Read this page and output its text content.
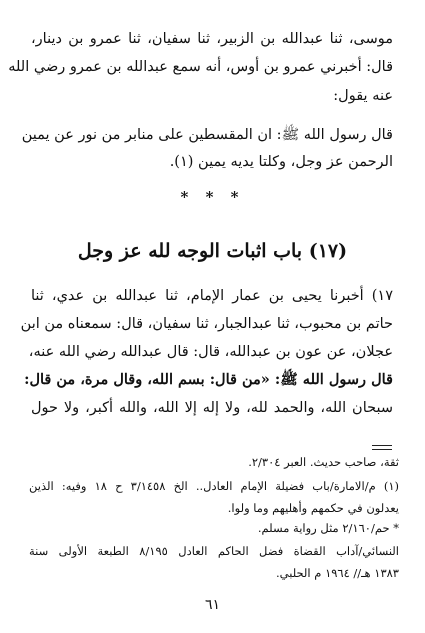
موسى، ثنا عبدالله بن الزبير، ثنا سفيان، ثنا عمرو بن دينار،
قال: أخبرني عمرو بن أوس، أنه سمع عبدالله بن عمرو رضي الله
عنه يقول:
قال رسول الله ﷺ: ان المقسطين على منابر من نور عن يمين
الرحمن عز وجل، وكلتا يديه يمين (١).
* * *
(١٧) باب اثبات الوجه لله عز وجل
١٧) أخبرنا يحيى بن عمار الإمام، ثنا عبدالله بن عدي، ثنا
حاتم بن محبوب، ثنا عبدالجبار، ثنا سفيان، قال: سمعناه من ابن
عجلان، عن عون بن عبدالله، قال: قال عبدالله رضي الله عنه،
قال رسول الله ﷺ: «من قال: بسم الله، وقال مرة، من قال:
سبحان الله، والحمد لله، ولا إله إلا الله، والله أكبر، ولا حول
ثقة، صاحب حديث. العبر ٢/٣٠٤.
(١) م/الامارة/باب فضيلة الإمام العادل.. الخ ٣/١٤٥٨ ح ١٨ وفيه: الذين
يعدلون في حكمهم وأهليهم وما ولوا.
* حم/٢/١٦٠ مثل رواية مسلم.
النسائي/آداب القضاة فضل الحاكم العادل ٨/١٩٥ الطبعة الأولى سنة
١٣٨٣ هـ// ١٩٦٤ م الحلبي.
٦١
